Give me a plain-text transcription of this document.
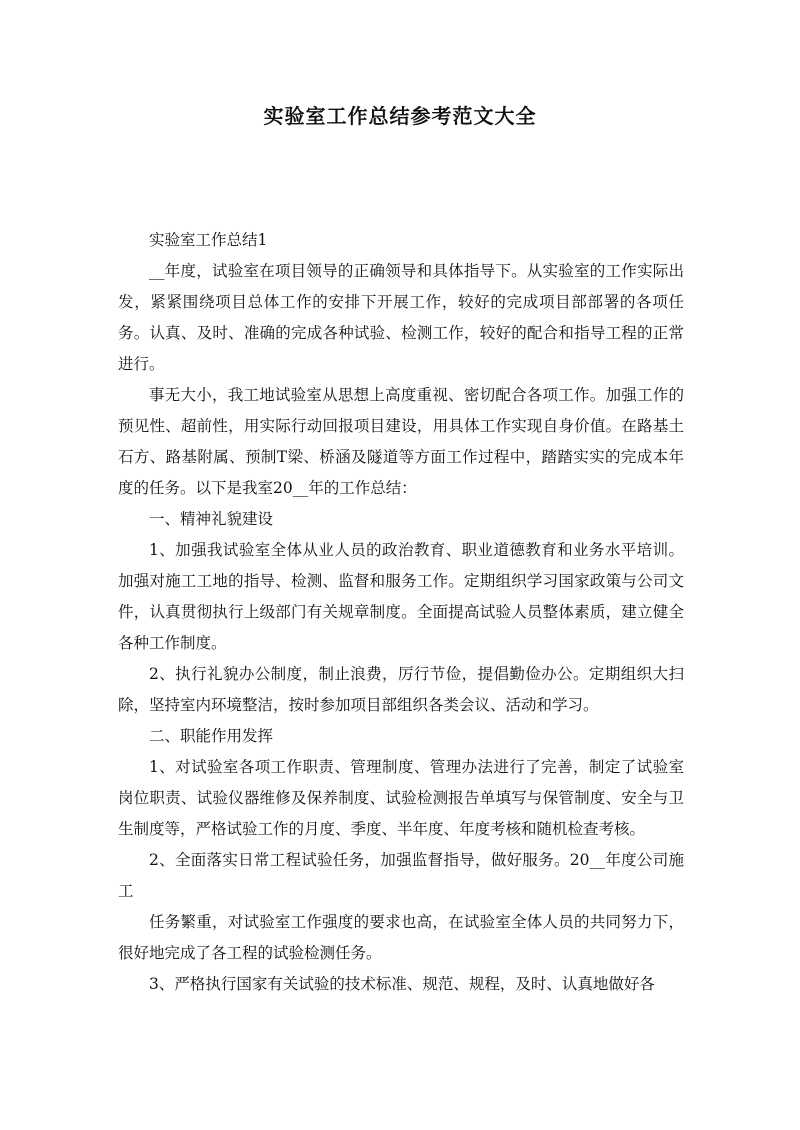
实验室工作总结参考范文大全

实验室工作总结1

__年度，试验室在项目领导的正确领导和具体指导下。从实验室的工作实际出发，紧紧围绕项目总体工作的安排下开展工作，较好的完成项目部部署的各项任务。认真、及时、准确的完成各种试验、检测工作，较好的配合和指导工程的正常进行。

事无大小，我工地试验室从思想上高度重视、密切配合各项工作。加强工作的预见性、超前性，用实际行动回报项目建设，用具体工作实现自身价值。在路基土石方、路基附属、预制T梁、桥涵及隧道等方面工作过程中，踏踏实实的完成本年度的任务。以下是我室20__年的工作总结：

一、精神礼貌建设

1、加强我试验室全体从业人员的政治教育、职业道德教育和业务水平培训。加强对施工工地的指导、检测、监督和服务工作。定期组织学习国家政策与公司文件，认真贯彻执行上级部门有关规章制度。全面提高试验人员整体素质，建立健全各种工作制度。

2、执行礼貌办公制度，制止浪费，厉行节俭，提倡勤俭办公。定期组织大扫除，坚持室内环境整洁，按时参加项目部组织各类会议、活动和学习。

二、职能作用发挥

1、对试验室各项工作职责、管理制度、管理办法进行了完善，制定了试验室岗位职责、试验仪器维修及保养制度、试验检测报告单填写与保管制度、安全与卫生制度等，严格试验工作的月度、季度、半年度、年度考核和随机检查考核。

2、全面落实日常工程试验任务，加强监督指导，做好服务。20__年度公司施工

任务繁重，对试验室工作强度的要求也高，在试验室全体人员的共同努力下，很好地完成了各工程的试验检测任务。

3、严格执行国家有关试验的技术标准、规范、规程，及时、认真地做好各
